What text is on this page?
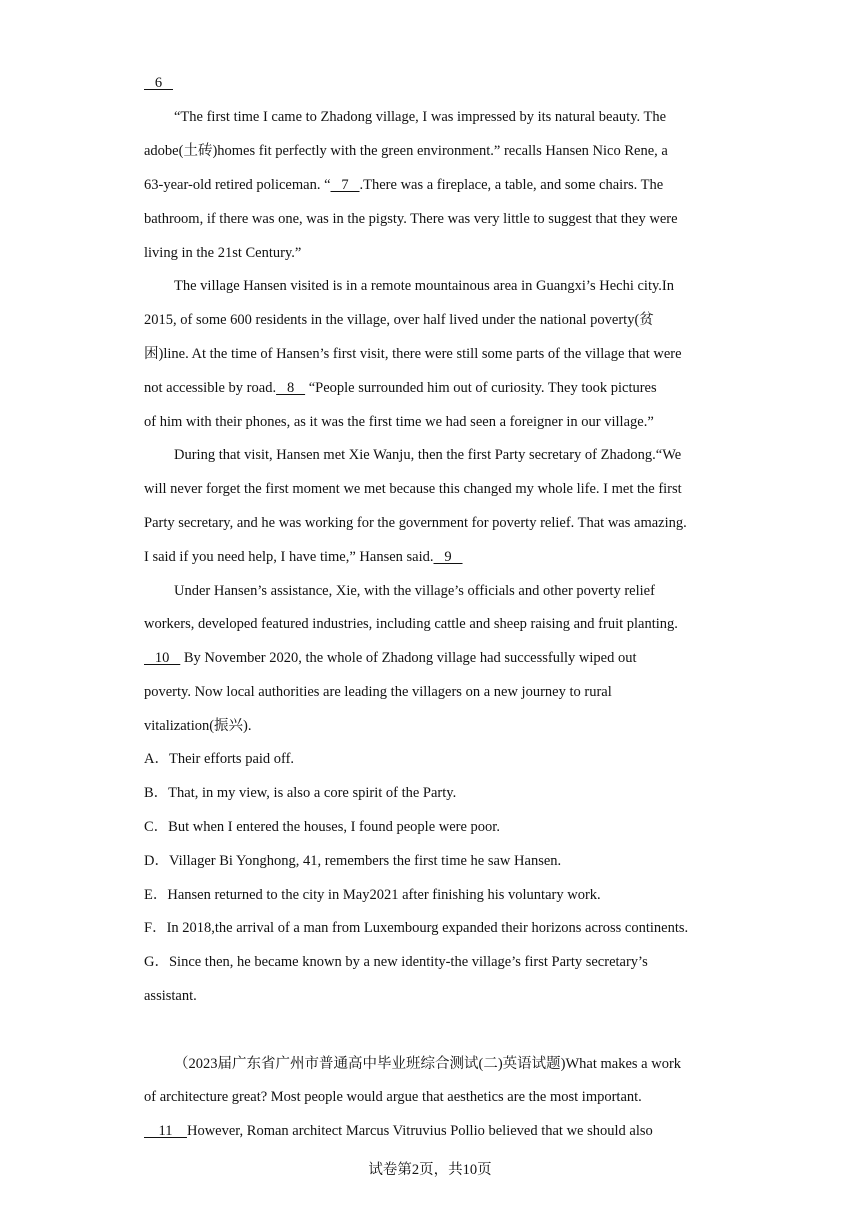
6
“The first time I came to Zhadong village, I was impressed by its natural beauty. The
adobe(土砖)homes fit perfectly with the green environment.” recalls Hansen Nico Rene, a
63-year-old retired policeman. “   7   .There was a fireplace, a table, and some chairs. The
bathroom, if there was one, was in the pigsty. There was very little to suggest that they were
living in the 21st Century.”
The village Hansen visited is in a remote mountainous area in Guangxi’s Hechi city.In
2015, of some 600 residents in the village, over half lived under the national poverty(贫
困)line. At the time of Hansen’s first visit, there were still some parts of the village that were
not accessible by road.   8    “People surrounded him out of curiosity. They took pictures
of him with their phones, as it was the first time we had seen a foreigner in our village.”
During that visit, Hansen met Xie Wanju, then the first Party secretary of Zhadong.“We
will never forget the first moment we met because this changed my whole life. I met the first
Party secretary, and he was working for the government for poverty relief. That was amazing.
I said if you need help, I have time,” Hansen said.   9
Under Hansen’s assistance, Xie, with the village’s officials and other poverty relief
workers, developed featured industries, including cattle and sheep raising and fruit planting.
10    By November 2020, the whole of Zhadong village had successfully wiped out
poverty. Now local authorities are leading the villagers on a new journey to rural
vitalization(振兴).
A．Their efforts paid off.
B．That, in my view, is also a core spirit of the Party.
C．But when I entered the houses, I found people were poor.
D．Villager Bi Yonghong, 41, remembers the first time he saw Hansen.
E．Hansen returned to the city in May2021 after finishing his voluntary work.
F．In 2018,the arrival of a man from Luxembourg expanded their horizons across continents.
G．Since then, he became known by a new identity-the village’s first Party secretary’s
assistant.
（2023届广东省广州市普通高中毕业班综合测试(二)英语试题)What makes a work
of architecture great? Most people would argue that aesthetics are the most important.
11    However, Roman architect Marcus Vitruvius Pollio believed that we should also
试卷第2页，共10页
